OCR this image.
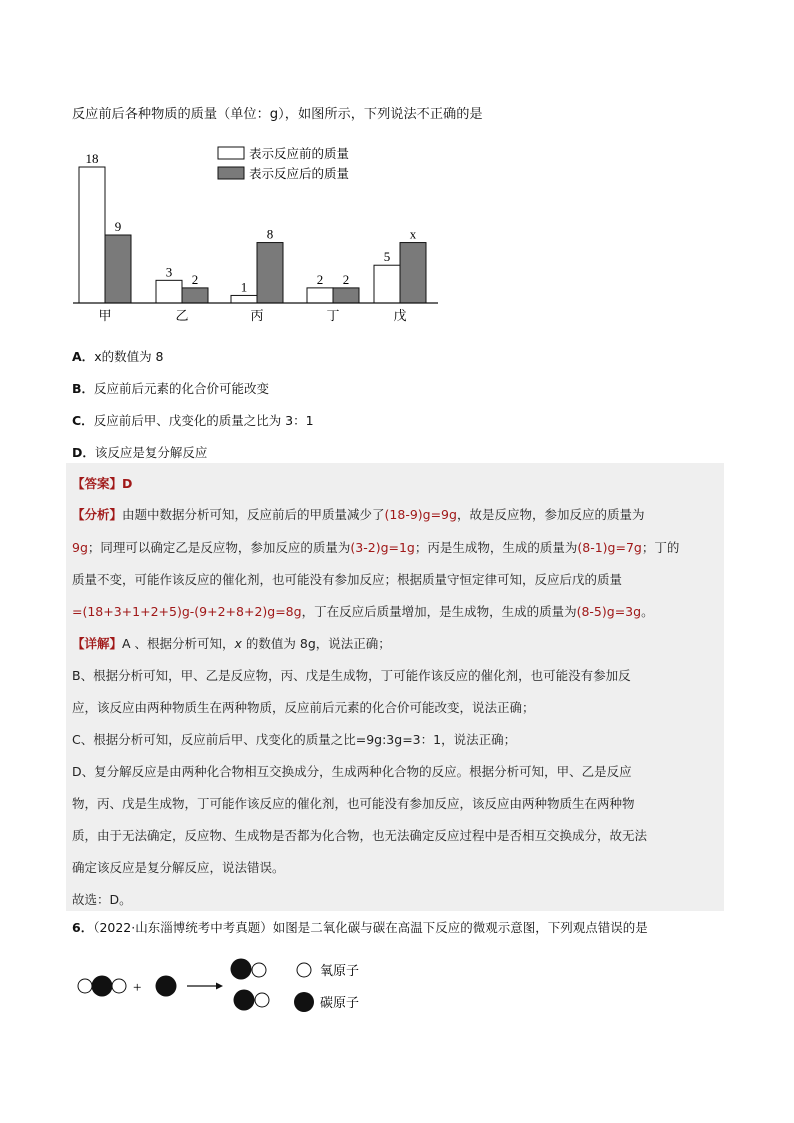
反应前后各种物质的质量（单位：g），如图所示，下列说法不正确的是
18
9
甲
3
2
乙
1
8
丙
2 2
丁
5
x
戊
表示反应前的质量
表示反应后的质量
A．x的数值为 8
B．反应前后元素的化合价可能改变
C．反应前后甲、戊变化的质量之比为 3：1
D．该反应是复分解反应
【答案】D
【分析】由题中数据分析可知，反应前后的甲质量减少了(18-9)g=9g，故是反应物，参加反应的质量为
9g；同理可以确定乙是反应物，参加反应的质量为(3-2)g=1g；丙是生成物，生成的质量为(8-1)g=7g；丁的
质量不变，可能作该反应的催化剂，也可能没有参加反应；根据质量守恒定律可知，反应后戊的质量
=(18+3+1+2+5)g-(9+2+8+2)g=8g，丁在反应后质量增加，是生成物，生成的质量为(8-5)g=3g。
【详解】A 、根据分析可知，x 的数值为 8g，说法正确；
B、根据分析可知，甲、乙是反应物，丙、戊是生成物，丁可能作该反应的催化剂，也可能没有参加反
应，该反应由两种物质生在两种物质，反应前后元素的化合价可能改变，说法正确；
C、根据分析可知，反应前后甲、戊变化的质量之比=9g:3g=3：1，说法正确；
D、复分解反应是由两种化合物相互交换成分，生成两种化合物的反应。根据分析可知，甲、乙是反应
物，丙、戊是生成物，丁可能作该反应的催化剂，也可能没有参加反应，该反应由两种物质生在两种物
质，由于无法确定，反应物、生成物是否都为化合物，也无法确定反应过程中是否相互交换成分，故无法
确定该反应是复分解反应，说法错误。
故选：D。
6．（2022·山东淄博统考中考真题）如图是二氧化碳与碳在高温下反应的微观示意图，下列观点错误的是
+
氧原子
碳原子
